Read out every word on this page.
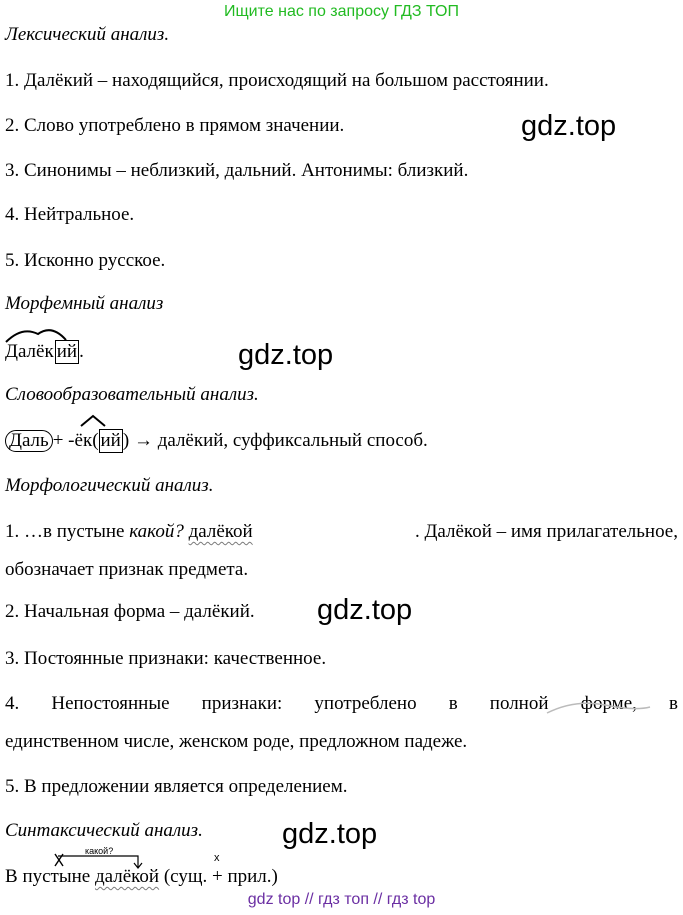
Ищите нас по запросу ГДЗ ТОП
Лексический анализ.
1. Далёкий – находящийся, происходящий на большом расстоянии.
2. Слово употреблено в прямом значении.
3. Синонимы – неблизкий, дальний. Антонимы: близкий.
4. Нейтральное.
5. Исконно русское.
gdz.top
Морфемный анализ
Далёк ий .	gdz.top
Словообразовательный анализ.
Даль + -ёк( ий ) → далёкий, суффиксальный способ.
Морфологический анализ.
1. …в пустыне какой? далёкой	. Далёкой – имя прилагательное,
обозначает признак предмета.
2. Начальная форма – далёкий. gdz.top
3. Постоянные признаки: качественное.
4. Непостоянные признаки: употреблено в полной форме, в
единственном числе, женском роде, предложном падеже.
5. В предложении является определением.
Синтаксический анализ.	gdz.top
какой?
x
В пустыне далёкой (сущ. + прил.)
gdz top // гдз топ // гдз top
